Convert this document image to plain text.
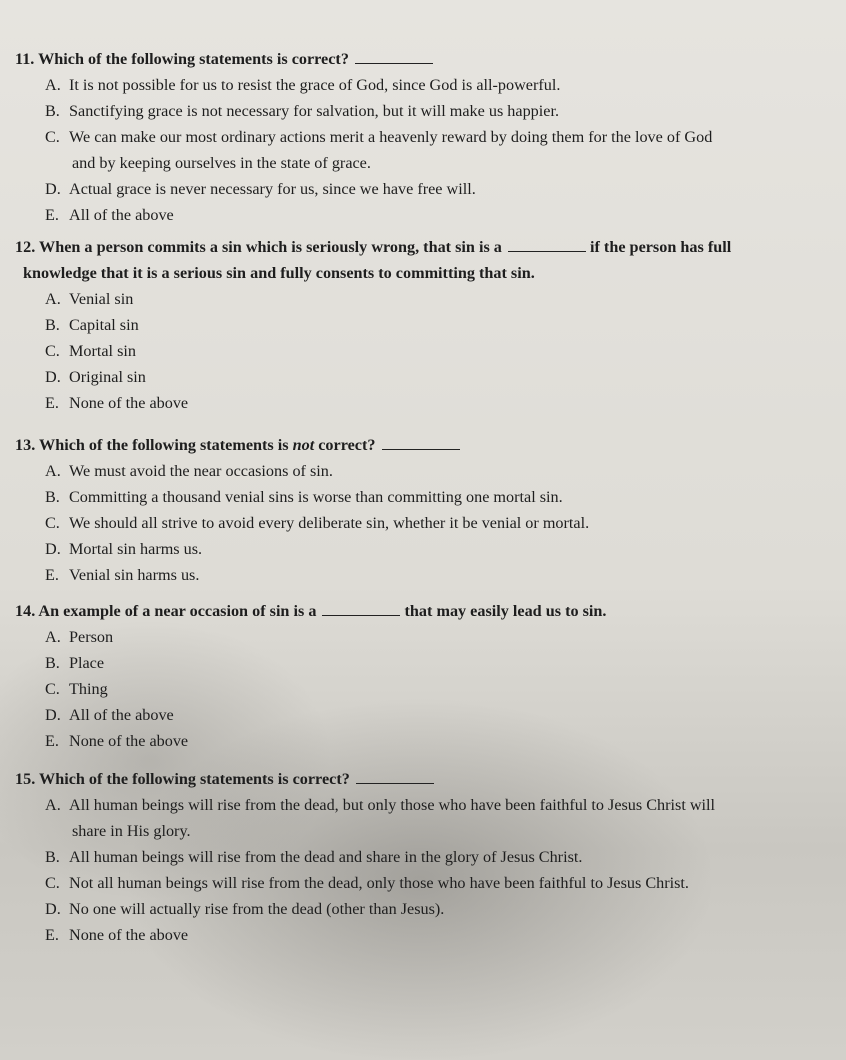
11. Which of the following statements is correct?
A. It is not possible for us to resist the grace of God, since God is all-powerful.
B. Sanctifying grace is not necessary for salvation, but it will make us happier.
C. We can make our most ordinary actions merit a heavenly reward by doing them for the love of God
and by keeping ourselves in the state of grace.
D. Actual grace is never necessary for us, since we have free will.
E. All of the above
12. When a person commits a sin which is seriously wrong, that sin is a	if the person has full
knowledge that it is a serious sin and fully consents to committing that sin.
A. Venial sin
B. Capital sin
C. Mortal sin
D. Original sin
E. None of the above
13. Which of the following statements is not correct?
A. We must avoid the near occasions of sin.
B. Committing a thousand venial sins is worse than committing one mortal sin.
C. We should all strive to avoid every deliberate sin, whether it be venial or mortal.
D. Mortal sin harms us.
E. Venial sin harms us.
14. An example of a near occasion of sin is a	that may easily lead us to sin.
A. Person
B. Place
C. Thing
D. All of the above
E. None of the above
15. Which of the following statements is correct?
A. All human beings will rise from the dead, but only those who have been faithful to Jesus Christ will
share in His glory.
B. All human beings will rise from the dead and share in the glory of Jesus Christ.
C. Not all human beings will rise from the dead, only those who have been faithful to Jesus Christ.
D. No one will actually rise from the dead (other than Jesus).
E. None of the above
